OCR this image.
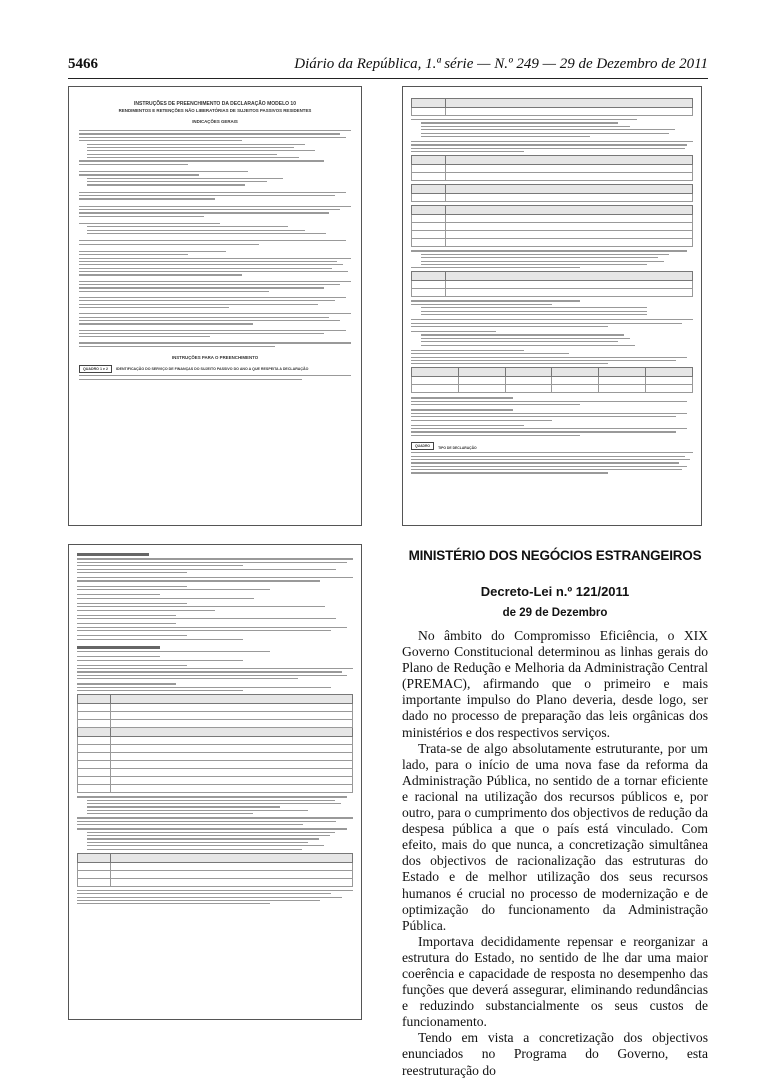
5466	Diário da República, 1.ª série — N.º 249 — 29 de Dezembro de 2011
INSTRUÇÕES DE PREENCHIMENTO DA DECLARAÇÃO MODELO 10
RENDIMENTOS E RETENÇÕES NÃO LIBERATÓRIAS DE SUJEITOS PASSIVOS RESIDENTES
INDICAÇÕES GERAIS
INSTRUÇÕES PARA O PREENCHIMENTO
QUADRO 1 e 2	IDENTIFICAÇÃO DO SERVIÇO DE FINANÇAS DO SUJEITO PASSIVO DO ANO A QUE RESPEITA A DECLARAÇÃO

QUADRO	TIPO DE DECLARAÇÃO

MINISTÉRIO DOS NEGÓCIOS ESTRANGEIROS
Decreto-Lei n.º 121/2011
de 29 de Dezembro

No âmbito do Compromisso Eficiência, o XIX Governo Constitucional determinou as linhas gerais do Plano de Redução e Melhoria da Administração Central (PREMAC), afirmando que o primeiro e mais importante impulso do Plano deveria, desde logo, ser dado no processo de preparação das leis orgânicas dos ministérios e dos respectivos serviços.

Trata-se de algo absolutamente estruturante, por um lado, para o início de uma nova fase da reforma da Administração Pública, no sentido de a tornar eficiente e racional na utilização dos recursos públicos e, por outro, para o cumprimento dos objectivos de redução da despesa pública a que o país está vinculado. Com efeito, mais do que nunca, a concretização simultânea dos objectivos de racionalização das estruturas do Estado e de melhor utilização dos seus recursos humanos é crucial no processo de modernização e de optimização do funcionamento da Administração Pública.

Importava decididamente repensar e reorganizar a estrutura do Estado, no sentido de lhe dar uma maior coerência e capacidade de resposta no desempenho das funções que deverá assegurar, eliminando redundâncias e reduzindo substancialmente os seus custos de funcionamento.

Tendo em vista a concretização dos objectivos enunciados no Programa do Governo, esta reestruturação do
